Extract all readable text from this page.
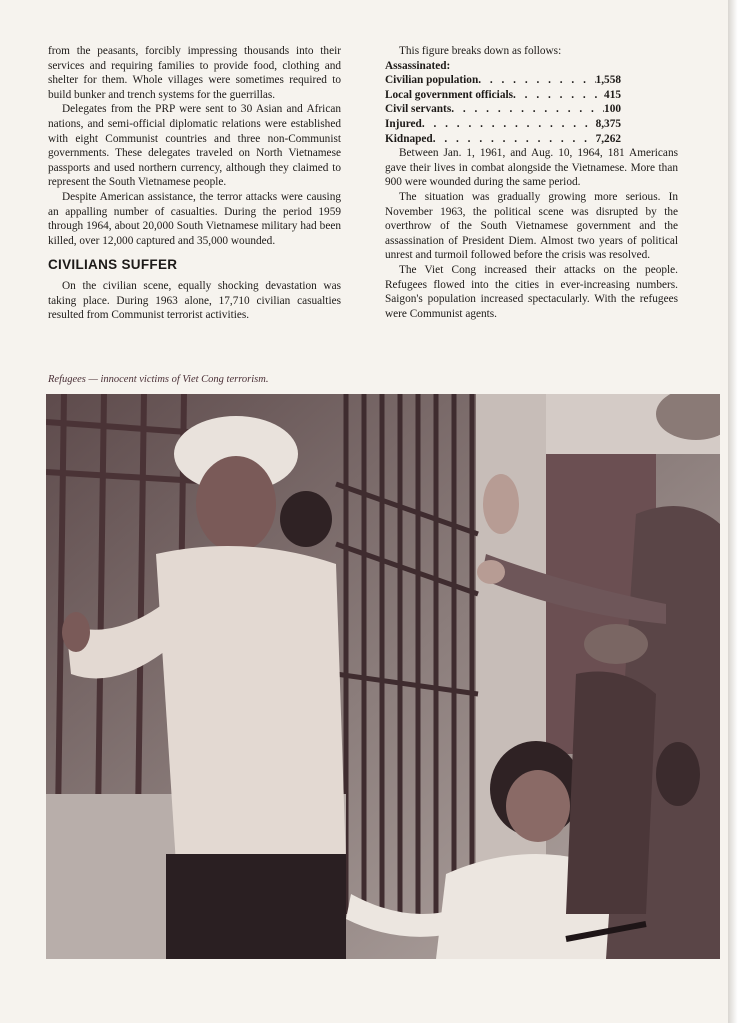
from the peasants, forcibly impressing thousands into their services and requiring families to provide food, clothing and shelter for them. Whole villages were sometimes required to build bunker and trench systems for the guerrillas.

Delegates from the PRP were sent to 30 Asian and African nations, and semi-official diplomatic relations were established with eight Communist countries and three non-Communist governments. These delegates traveled on North Vietnamese passports and used northern currency, although they claimed to represent the South Vietnamese people.

Despite American assistance, the terror attacks were causing an appalling number of casualties. During the period 1959 through 1964, about 20,000 South Vietnamese military had been killed, over 12,000 captured and 35,000 wounded.

CIVILIANS SUFFER

On the civilian scene, equally shocking devastation was taking place. During 1963 alone, 17,710 civilian casualties resulted from Communist terrorist activities.

This figure breaks down as follows:

Assassinated:
Civilian population . . .	1,558
Local government officials . . .	415
Civil servants . . .	100
Injured . . .	8,375
Kidnaped . . .	7,262

Between Jan. 1, 1961, and Aug. 10, 1964, 181 Americans gave their lives in combat alongside the Vietnamese. More than 900 were wounded during the same period.

The situation was gradually growing more serious. In November 1963, the political scene was disrupted by the overthrow of the South Vietnamese government and the assassination of President Diem. Almost two years of political unrest and turmoil followed before the crisis was resolved.

The Viet Cong increased their attacks on the people. Refugees flowed into the cities in ever-increasing numbers. Saigon's population increased spectacularly. With the refugees were Communist agents.

Refugees — innocent victims of Viet Cong terrorism.
